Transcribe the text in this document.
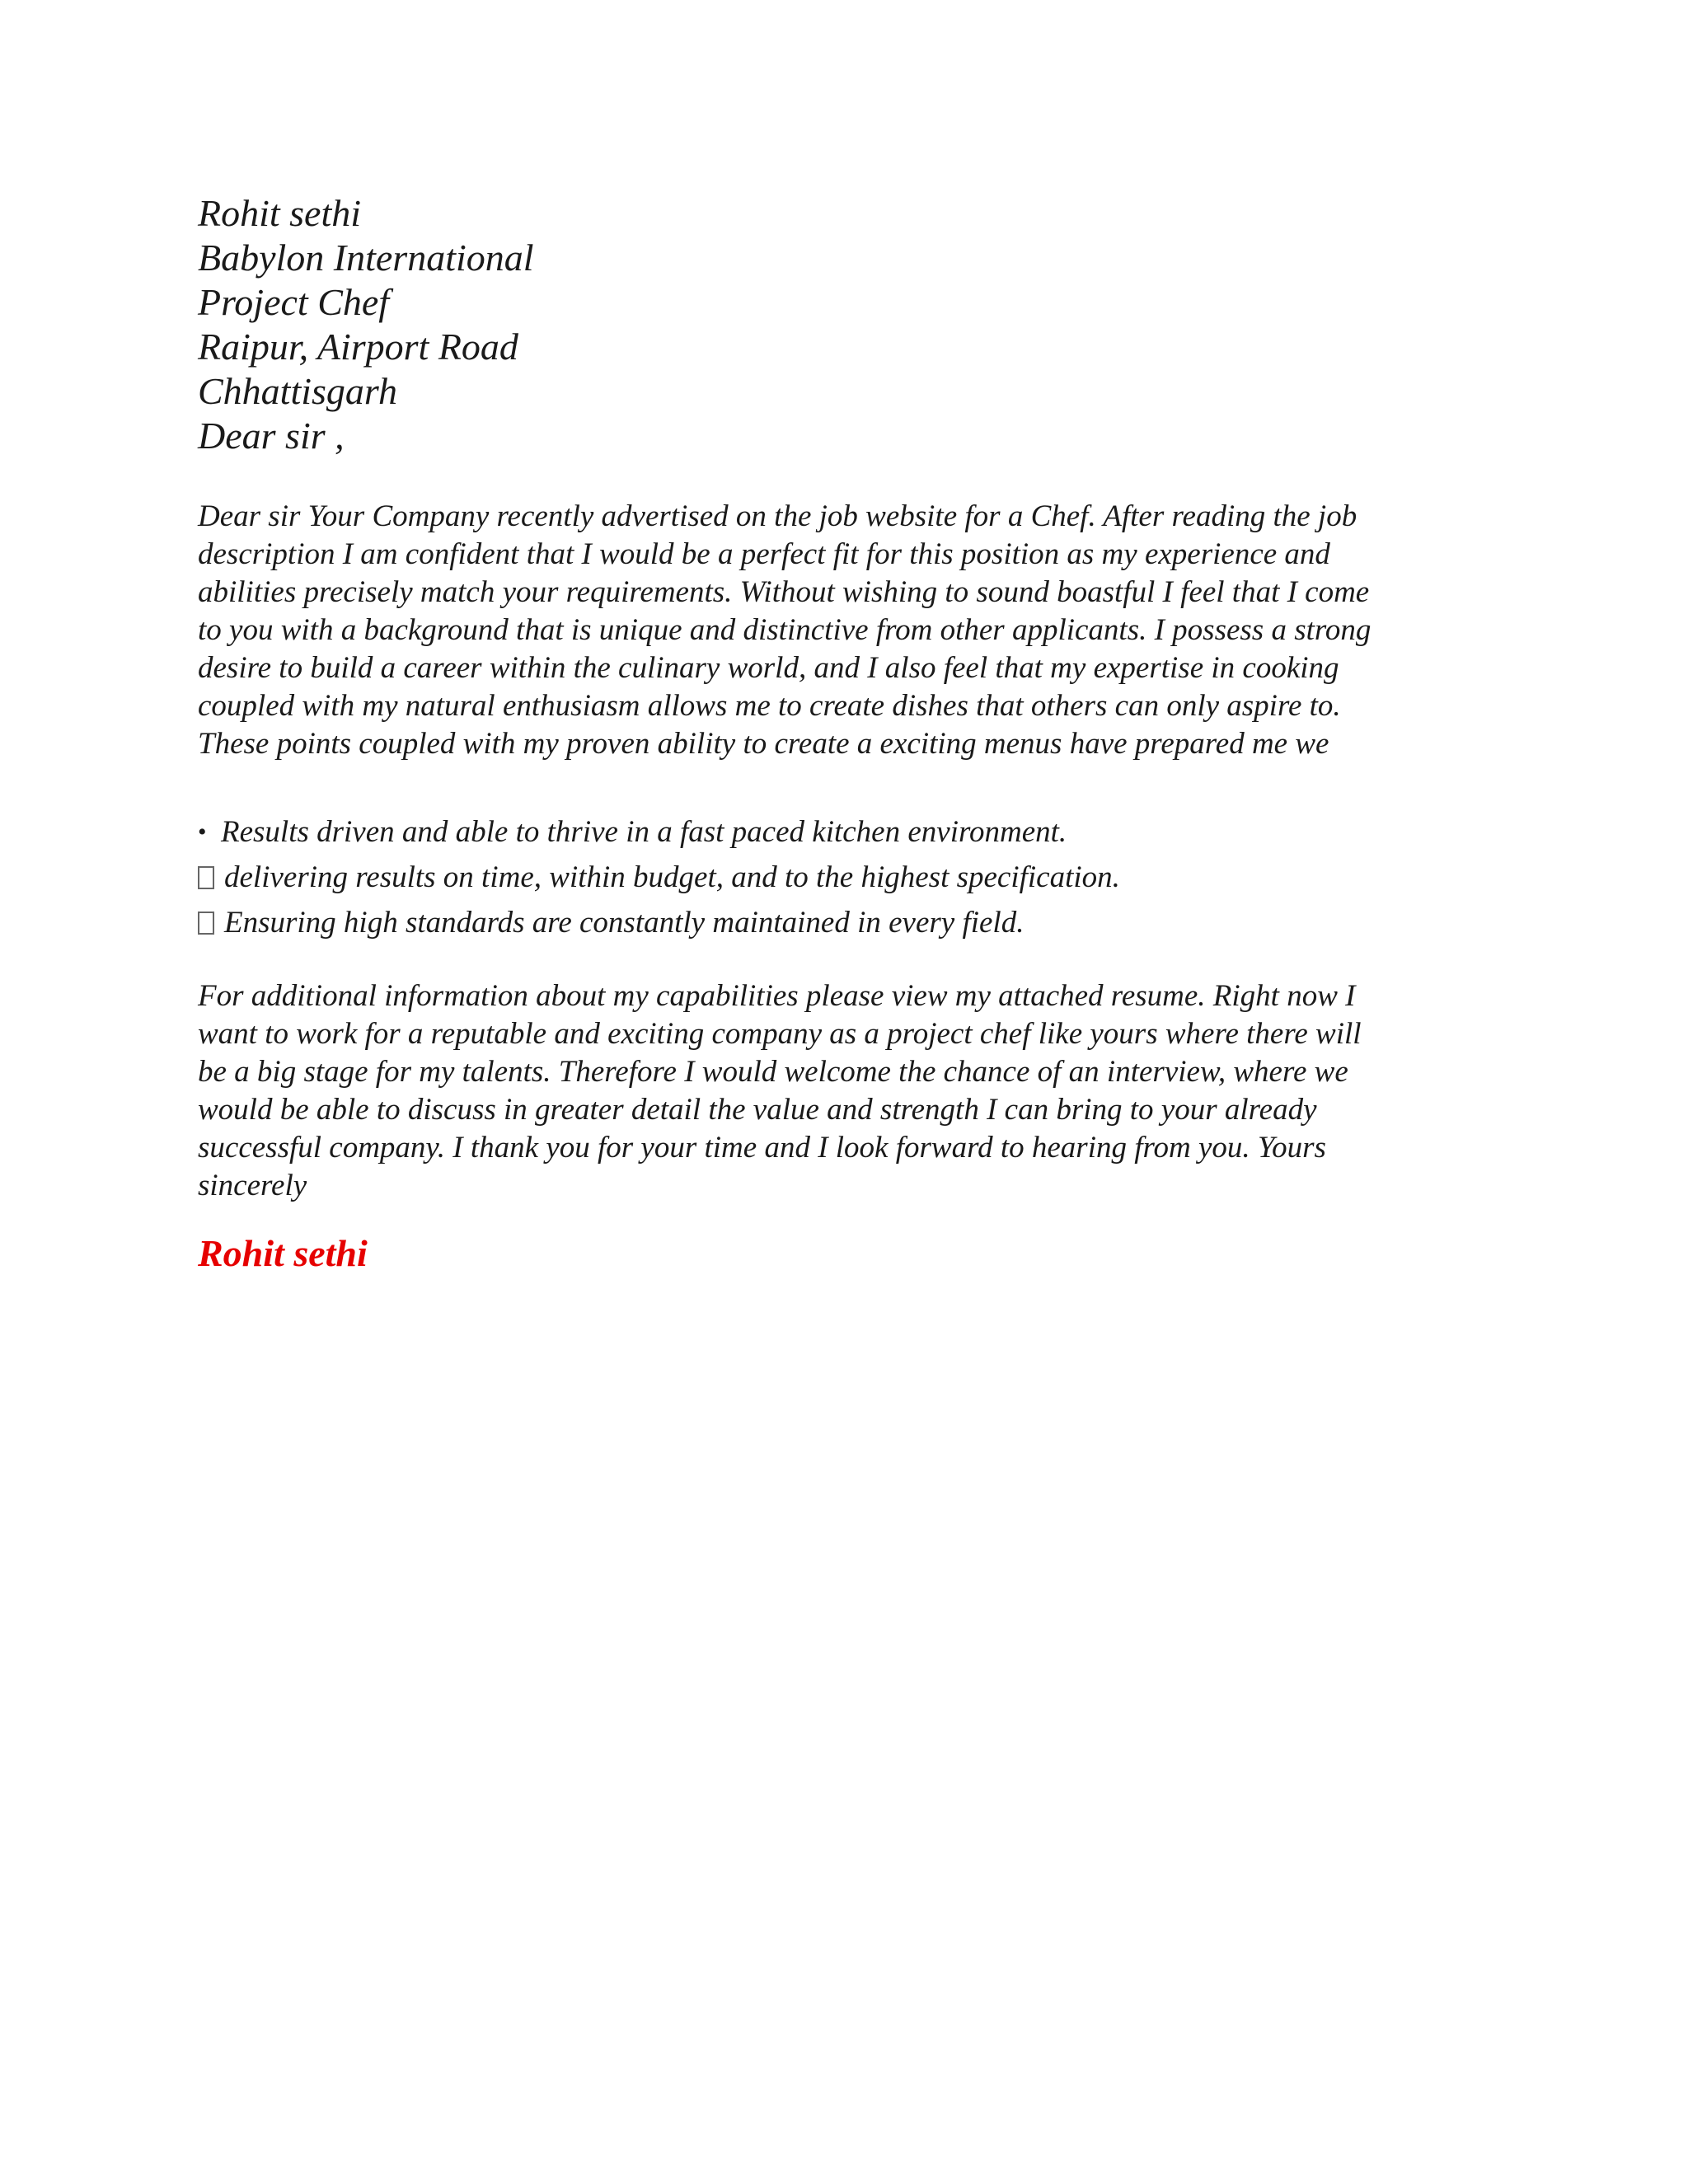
Rohit sethi
Babylon International
Project Chef
Raipur, Airport Road
Chhattisgarh
Dear sir ,

Dear sir Your Company recently advertised on the job website for a Chef. After reading the job
description I am confident that I would be a perfect fit for this position as my experience and
abilities precisely match your requirements. Without wishing to sound boastful I feel that I come
to you with a background that is unique and distinctive from other applicants. I possess a strong
desire to build a career within the culinary world, and I also feel that my expertise in cooking
coupled with my natural enthusiasm allows me to create dishes that others can only aspire to.
These points coupled with my proven ability to create a exciting menus have prepared me we

• Results driven and able to thrive in a fast paced kitchen environment.
delivering results on time, within budget, and to the highest specification.
Ensuring high standards are constantly maintained in every field.

For additional information about my capabilities please view my attached resume. Right now I
want to work for a reputable and exciting company as a project chef like yours where there will
be a big stage for my talents. Therefore I would welcome the chance of an interview, where we
would be able to discuss in greater detail the value and strength I can bring to your already
successful company. I thank you for your time and I look forward to hearing from you. Yours
sincerely

Rohit sethi
